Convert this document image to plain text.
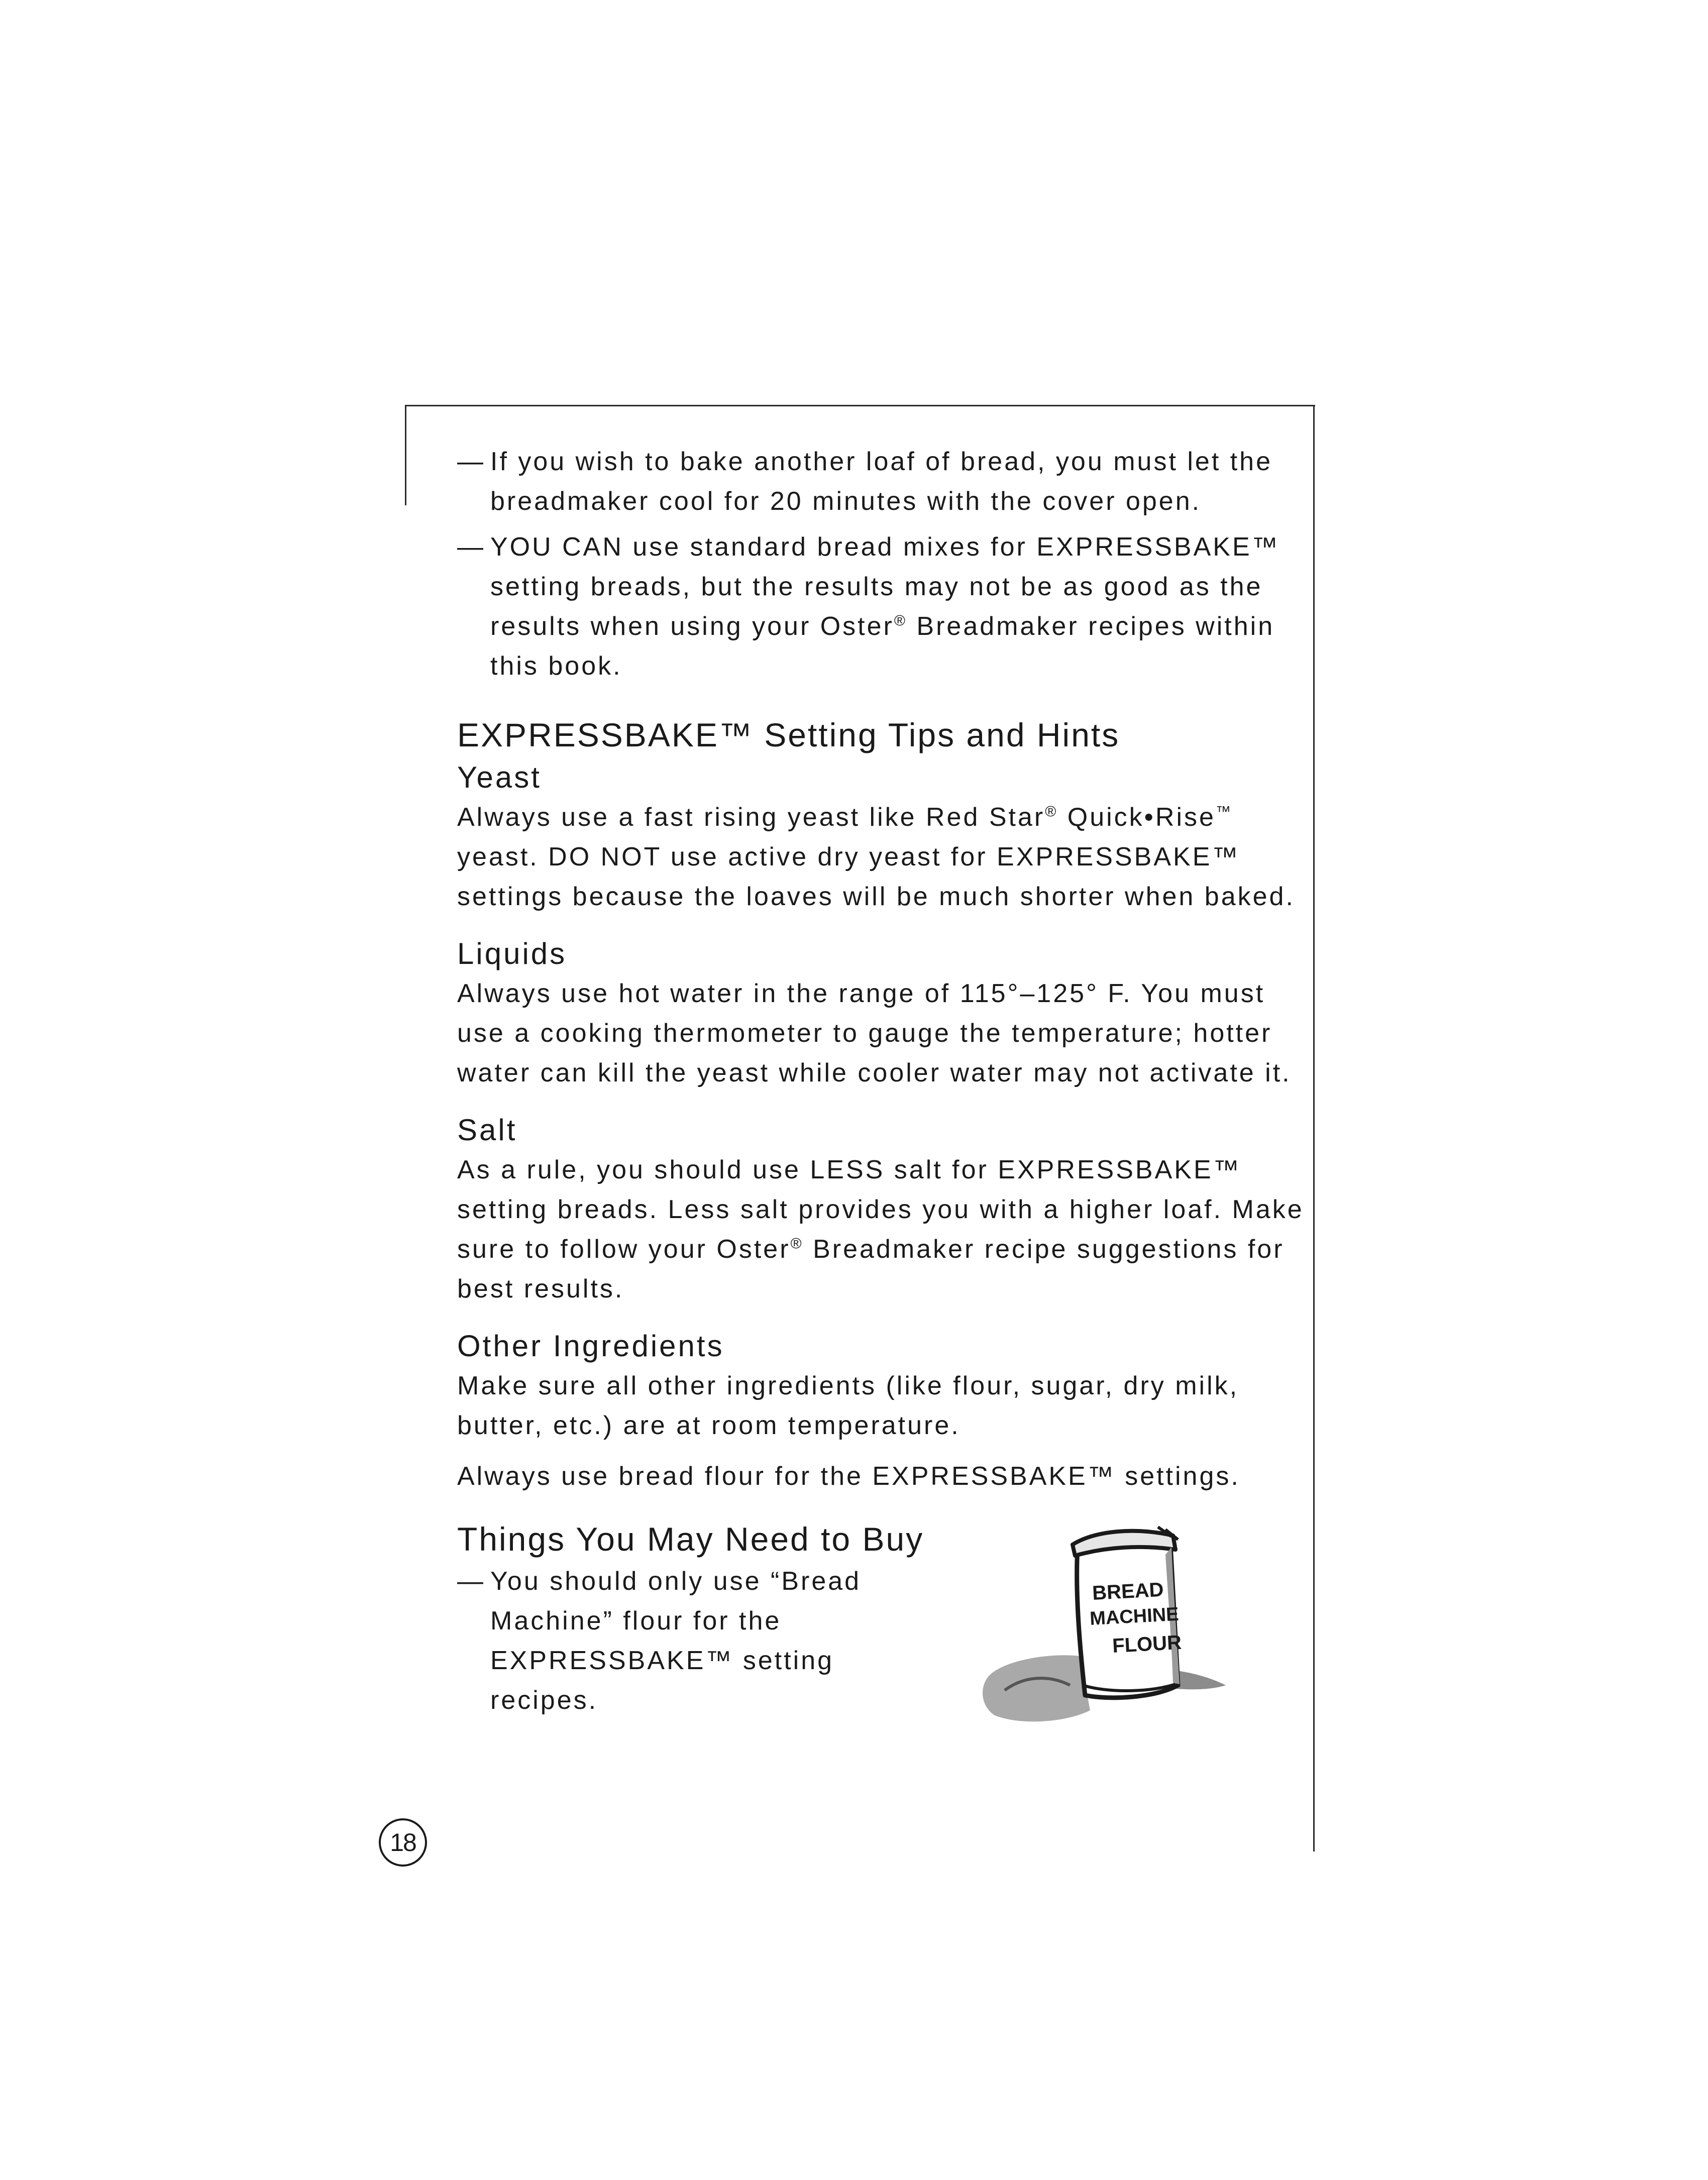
— If you wish to bake another loaf of bread, you must let the breadmaker cool for 20 minutes with the cover open.

— YOU CAN use standard bread mixes for EXPRESSBAKE™ setting breads, but the results may not be as good as the results when using your Oster® Breadmaker recipes within this book.

EXPRESSBAKE™ Setting Tips and Hints
Yeast

Always use a fast rising yeast like Red Star® Quick•Rise™ yeast. DO NOT use active dry yeast for EXPRESSBAKE™ settings because the loaves will be much shorter when baked.

Liquids

Always use hot water in the range of 115°–125° F. You must use a cooking thermometer to gauge the temperature; hotter water can kill the yeast while cooler water may not activate it.

Salt

As a rule, you should use LESS salt for EXPRESSBAKE™ setting breads. Less salt provides you with a higher loaf. Make sure to follow your Oster® Breadmaker recipe suggestions for best results.

Other Ingredients

Make sure all other ingredients (like flour, sugar, dry milk, butter, etc.) are at room temperature.

Always use bread flour for the EXPRESSBAKE™ settings.

Things You May Need to Buy
— You should only use “Bread Machine” flour for the EXPRESSBAKE™ setting recipes.

BREAD
MACHINE
FLOUR
18
